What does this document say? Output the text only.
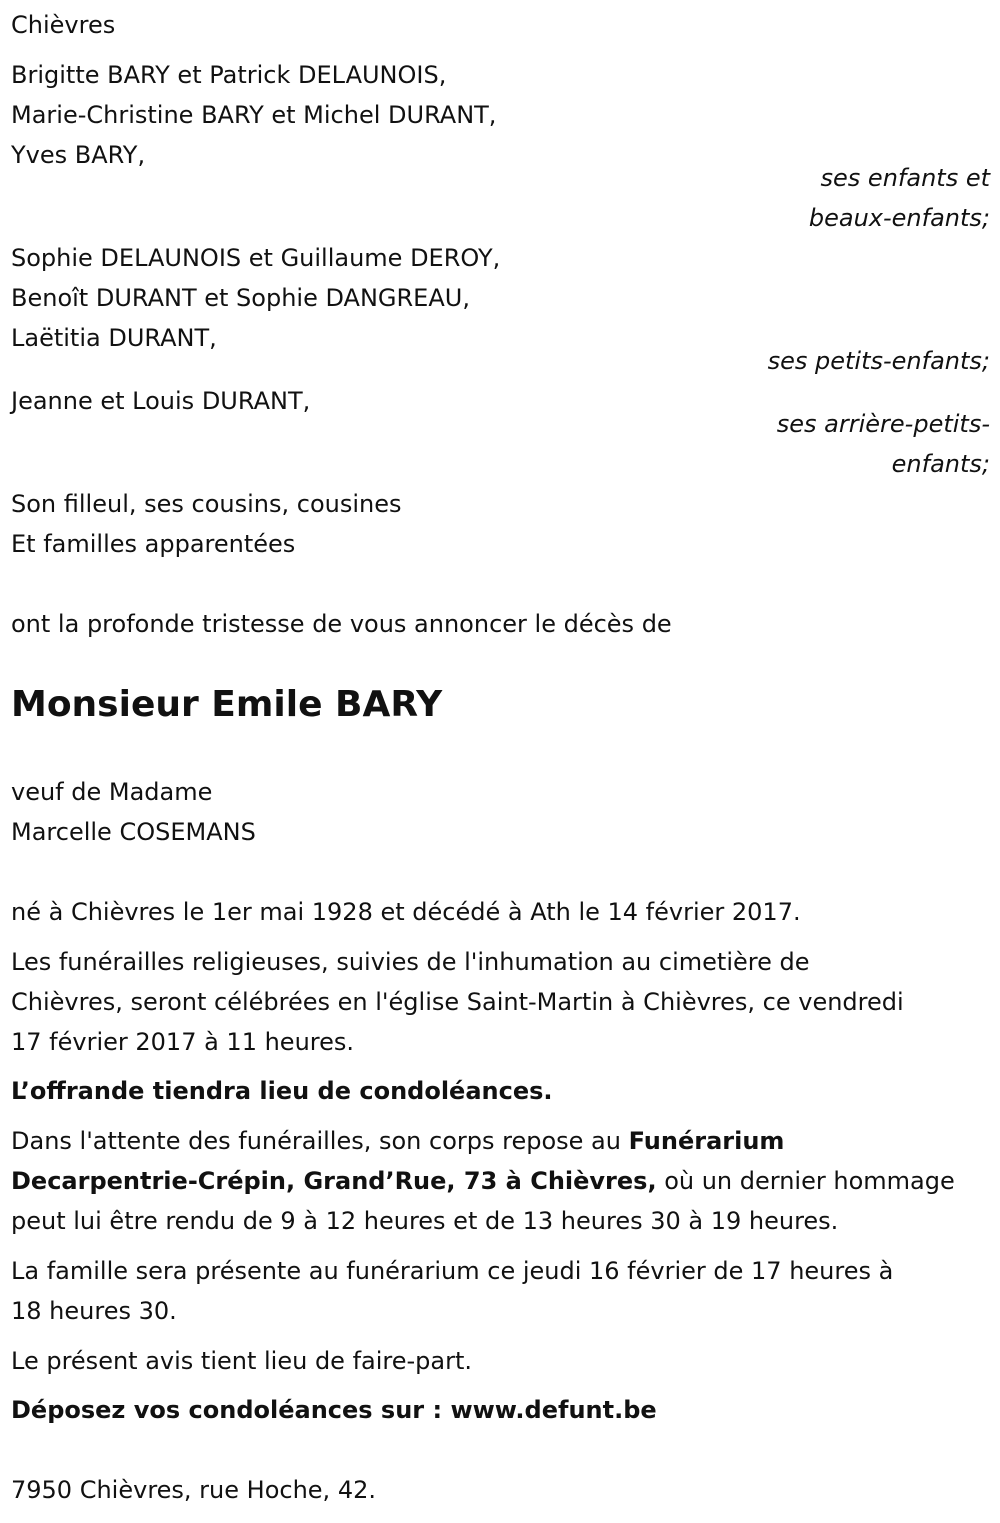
Chièvres
Brigitte BARY et Patrick DELAUNOIS,
Marie-Christine BARY et Michel DURANT,
Yves BARY,
ses enfants et
beaux-enfants;
Sophie DELAUNOIS et Guillaume DEROY,
Benoît DURANT et Sophie DANGREAU,
Laëtitia DURANT,
ses petits-enfants;
Jeanne et Louis DURANT,
ses arrière-petits-
enfants;
Son filleul, ses cousins, cousines
Et familles apparentées
ont la profonde tristesse de vous annoncer le décès de
Monsieur Emile BARY
veuf de Madame
Marcelle COSEMANS
né à Chièvres le 1er mai 1928 et décédé à Ath le 14 février 2017.
Les funérailles religieuses, suivies de l'inhumation au cimetière de
Chièvres, seront célébrées en l'église Saint-Martin à Chièvres, ce vendredi
17 février 2017 à 11 heures.
L’offrande tiendra lieu de condoléances.
Dans l'attente des funérailles, son corps repose au Funérarium
Decarpentrie-Crépin, Grand’Rue, 73 à Chièvres, où un dernier hommage
peut lui être rendu de 9 à 12 heures et de 13 heures 30 à 19 heures.
La famille sera présente au funérarium ce jeudi 16 février de 17 heures à
18 heures 30.
Le présent avis tient lieu de faire-part.
Déposez vos condoléances sur : www.defunt.be
7950 Chièvres, rue Hoche, 42.
